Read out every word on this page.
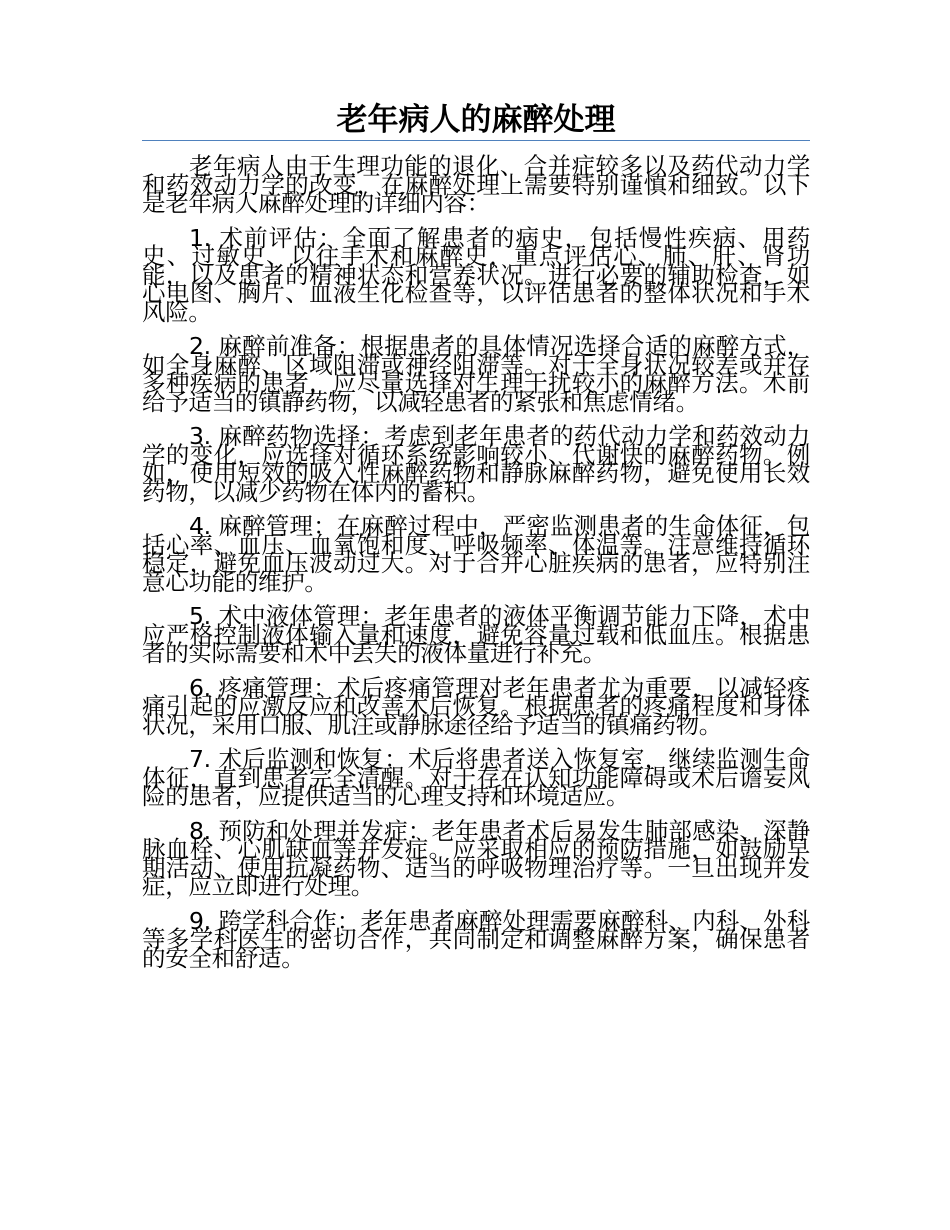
老年病人的麻醉处理

老年病人由于生理功能的退化、合并症较多以及药代动力学和药效动力学的改变，在麻醉处理上需要特别谨慎和细致。以下是老年病人麻醉处理的详细内容：

1. 术前评估：全面了解患者的病史，包括慢性疾病、用药史、过敏史、以往手术和麻醉史，重点评估心、肺、肝、肾功能，以及患者的精神状态和营养状况。进行必要的辅助检查，如心电图、胸片、血液生化检查等，以评估患者的整体状况和手术风险。

2. 麻醉前准备：根据患者的具体情况选择合适的麻醉方式，如全身麻醉、区域阻滞或神经阻滞等。对于全身状况较差或并存多种疾病的患者，应尽量选择对生理干扰较小的麻醉方法。术前给予适当的镇静药物，以减轻患者的紧张和焦虑情绪。

3. 麻醉药物选择：考虑到老年患者的药代动力学和药效动力学的变化，应选择对循环系统影响较小、代谢快的麻醉药物。例如，使用短效的吸入性麻醉药物和静脉麻醉药物，避免使用长效药物，以减少药物在体内的蓄积。

4. 麻醉管理：在麻醉过程中，严密监测患者的生命体征，包括心率、血压、血氧饱和度、呼吸频率、体温等。注意维持循环稳定，避免血压波动过大。对于合并心脏疾病的患者，应特别注意心功能的维护。

5. 术中液体管理：老年患者的液体平衡调节能力下降，术中应严格控制液体输入量和速度，避免容量过载和低血压。根据患者的实际需要和术中丢失的液体量进行补充。

6. 疼痛管理：术后疼痛管理对老年患者尤为重要，以减轻疼痛引起的应激反应和改善术后恢复。根据患者的疼痛程度和身体状况，采用口服、肌注或静脉途径给予适当的镇痛药物。

7. 术后监测和恢复：术后将患者送入恢复室，继续监测生命体征，直到患者完全清醒。对于存在认知功能障碍或术后谵妄风险的患者，应提供适当的心理支持和环境适应。

8. 预防和处理并发症：老年患者术后易发生肺部感染、深静脉血栓、心肌缺血等并发症。应采取相应的预防措施，如鼓励早期活动、使用抗凝药物、适当的呼吸物理治疗等。一旦出现并发症，应立即进行处理。

9. 跨学科合作：老年患者麻醉处理需要麻醉科、内科、外科等多学科医生的密切合作，共同制定和调整麻醉方案，确保患者的安全和舒适。
